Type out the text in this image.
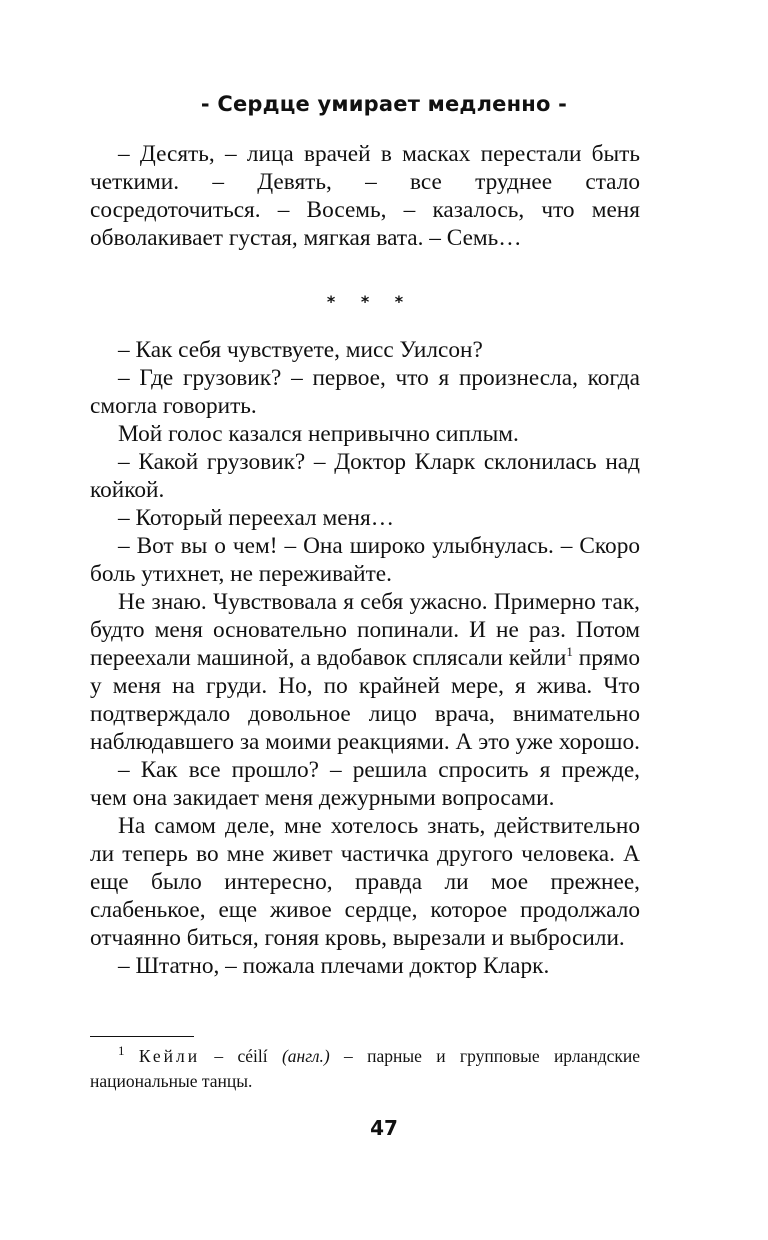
- Сердце умирает медленно -

– Десять, – лица врачей в масках перестали быть четкими. – Девять, – все труднее стало сосредоточиться. – Восемь, – казалось, что меня обволакивает густая, мягкая вата. – Семь…

* * *

– Как себя чувствуете, мисс Уилсон?

– Где грузовик? – первое, что я произнесла, когда смогла говорить.

Мой голос казался непривычно сиплым.

– Какой грузовик? – Доктор Кларк склонилась над койкой.

– Который переехал меня…

– Вот вы о чем! – Она широко улыбнулась. – Скоро боль утихнет, не переживайте.

Не знаю. Чувствовала я себя ужасно. Примерно так, будто меня основательно попинали. И не раз. Потом переехали машиной, а вдобавок сплясали кейли$^1$ прямо у меня на груди. Но, по крайней мере, я жива. Что подтверждало довольное лицо врача, внимательно наблюдавшего за моими реакциями. А это уже хорошо.

– Как все прошло? – решила спросить я прежде, чем она закидает меня дежурными вопросами.

На самом деле, мне хотелось знать, действительно ли теперь во мне живет частичка другого человека. А еще было интересно, правда ли мое прежнее, слабенькое, еще живое сердце, которое продолжало отчаянно биться, гоняя кровь, вырезали и выбросили.

– Штатно, – пожала плечами доктор Кларк.

$^1$ Кейли – céilí (англ.) – парные и групповые ирландские национальные танцы.

47
